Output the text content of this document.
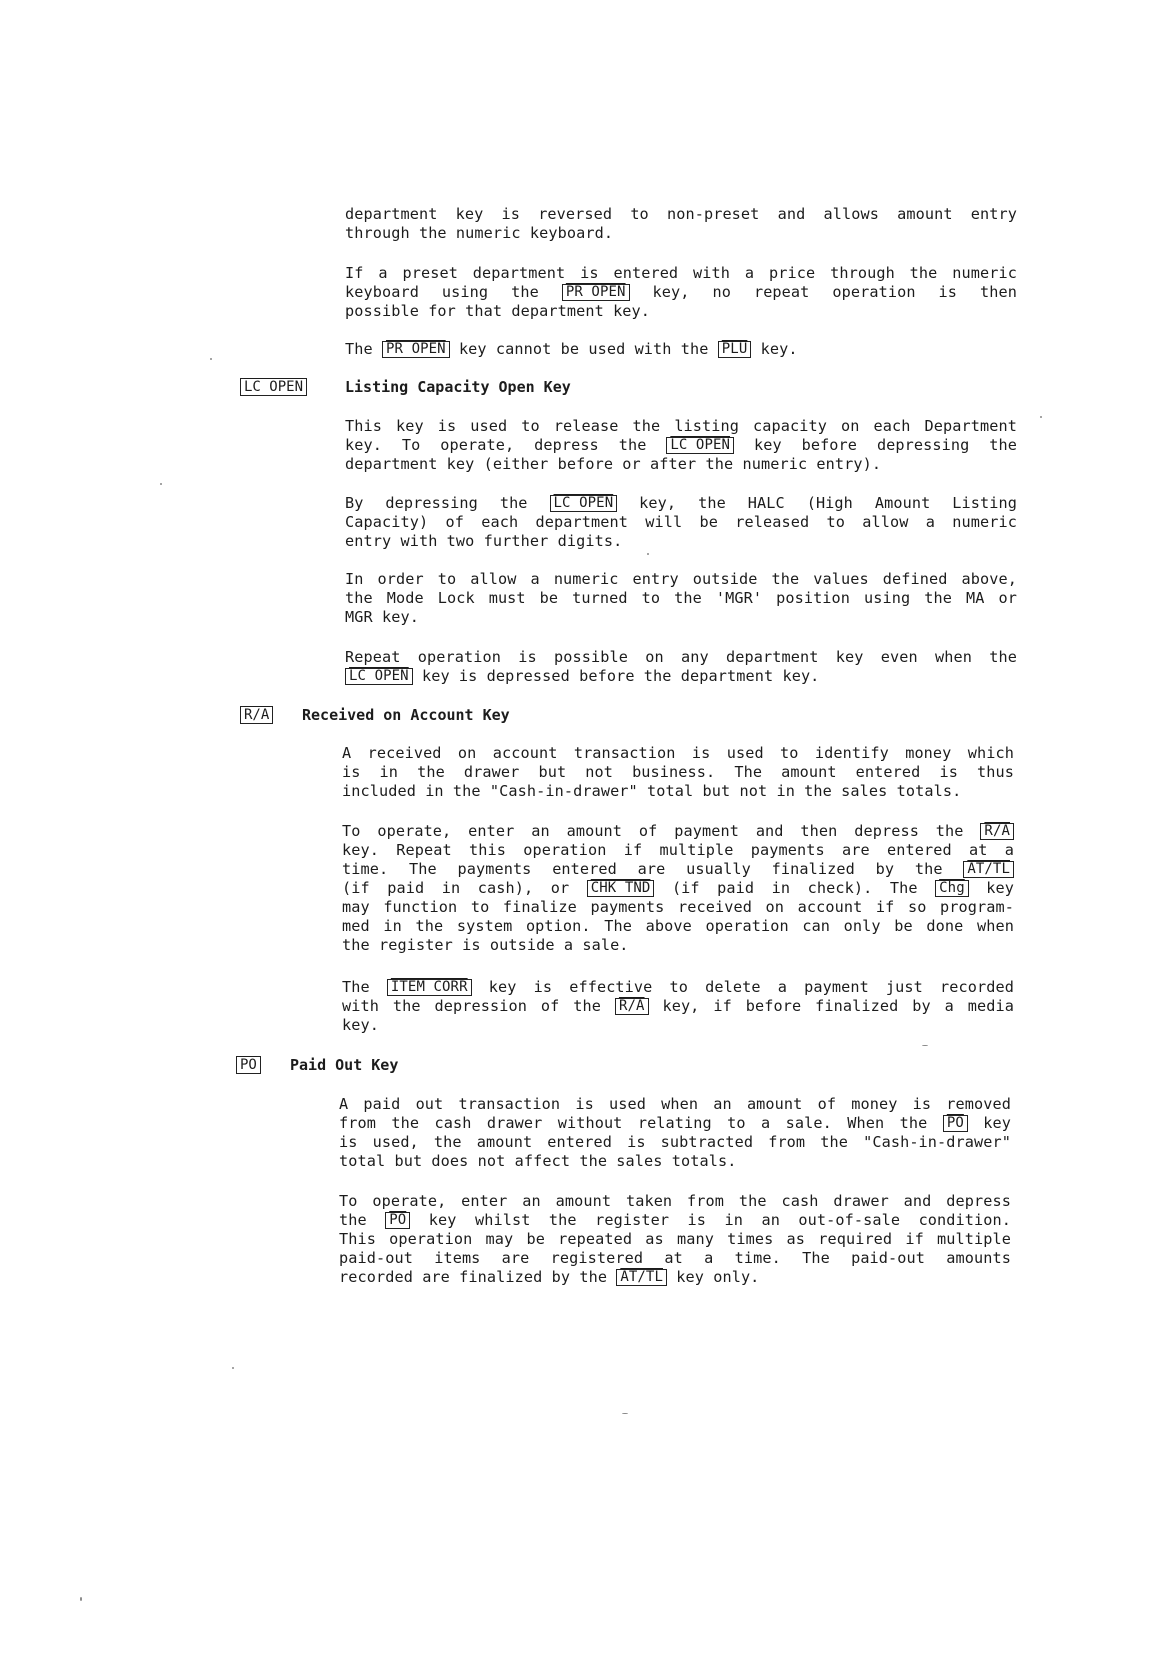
department key is reversed to non-preset and allows amount entry
through the numeric keyboard.
If a preset department is entered with a price through the numeric
keyboard using the PR OPEN key, no repeat operation is then
possible for that department key.
The PR OPEN key cannot be used with the $\overline{PLU}$ key.
LC OPEN	Listing Capacity Open Key
This key is used to release the listing capacity on each Department
key. To operate, depress the LC OPEN key before depressing the
department key (either before or after the numeric entry).
By depressing the LC OPEN key, the HALC (High Amount Listing
Capacity) of each department will be released to allow a numeric
entry with two further digits.
In order to allow a numeric entry outside the values defined above,
the Mode Lock must be turned to the 'MGR' position using the MA or
MGR key.
Repeat operation is possible on any department key even when the
LC OPEN key is depressed before the department key.
R/A Received on Account Key
A received on account transaction is used to identify money which
is in the drawer but not business. The amount entered is thus
included in the "Cash-in-drawer" total but not in the sales totals.
To operate, enter an amount of payment and then depress the R/A
key. Repeat this operation if multiple payments are entered at a
time. The payments entered are usually finalized by the AT/TL
(if paid in cash), or CHK TND (if paid in check). The $\overline{Chg}$ key
may function to finalize payments received on account if so program-
med in the system option. The above operation can only be done when
the register is outside a sale.
The ITEM CORR key is effective to delete a payment just recorded
with the depression of the R/A key, if before finalized by a media
key.
$\overline{PO}$ Paid Out Key
A paid out transaction is used when an amount of money is removed
from the cash drawer without relating to a sale. When the $\overline{PO}$ key
is used, the amount entered is subtracted from the "Cash-in-drawer"
total but does not affect the sales totals.
To operate, enter an amount taken from the cash drawer and depress
the $\overline{PO}$ key whilst the register is in an out-of-sale condition.
This operation may be repeated as many times as required if multiple
paid-out items are registered at a time. The paid-out amounts
recorded are finalized by the AT/TL key only.
